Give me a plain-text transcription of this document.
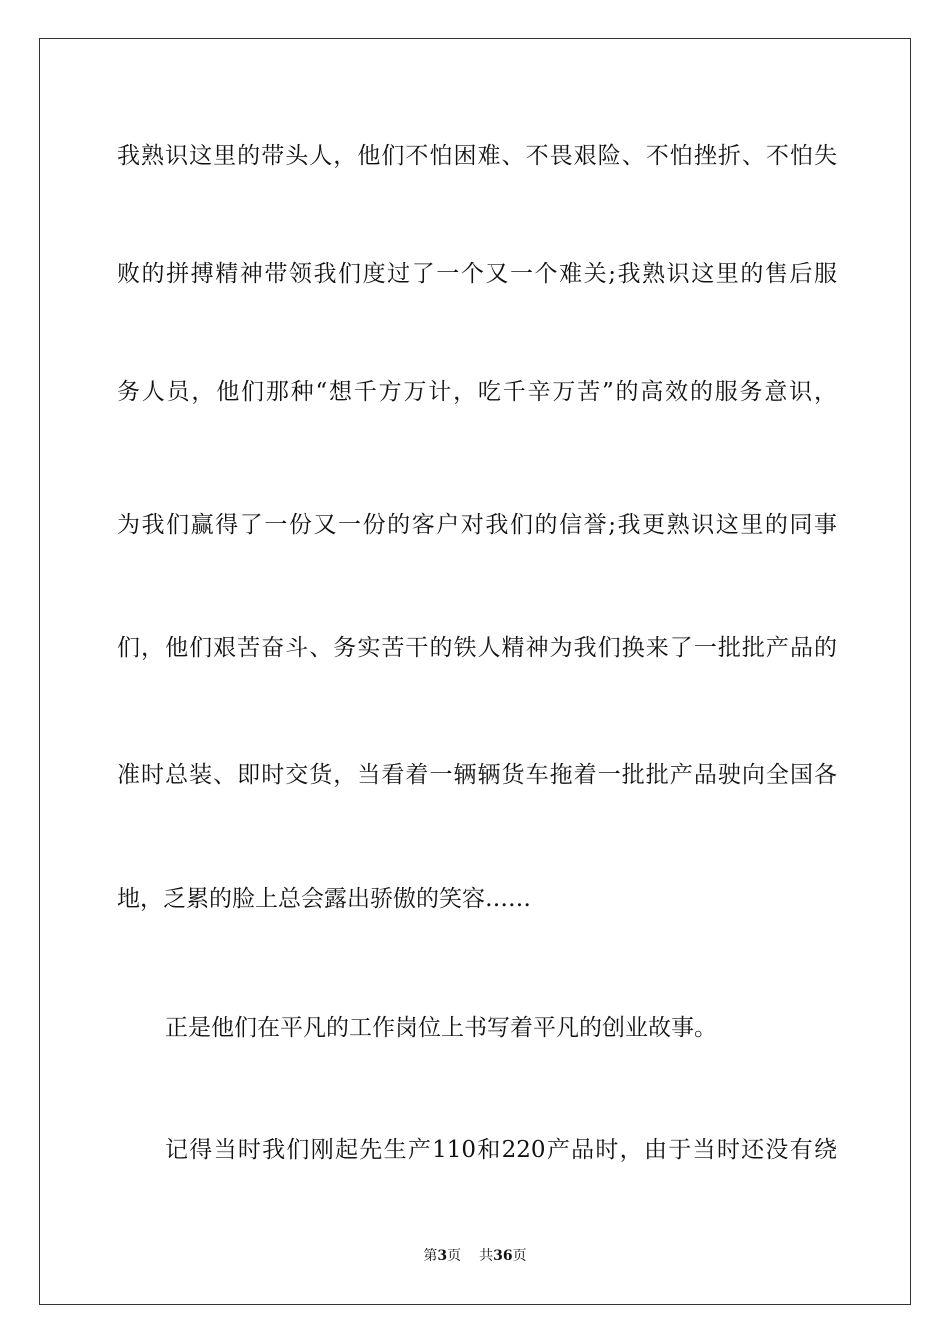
我熟识这里的带头人，他们不怕困难、不畏艰险、不怕挫折、不怕失
败的拼搏精神带领我们度过了一个又一个难关;我熟识这里的售后服
务人员，他们那种“想千方万计，吃千辛万苦”的高效的服务意识，
为我们赢得了一份又一份的客户对我们的信誉;我更熟识这里的同事
们，他们艰苦奋斗、务实苦干的铁人精神为我们换来了一批批产品的
准时总装、即时交货，当看着一辆辆货车拖着一批批产品驶向全国各
地，乏累的脸上总会露出骄傲的笑容……
正是他们在平凡的工作岗位上书写着平凡的创业故事。
记得当时我们刚起先生产110和220产品时，由于当时还没有绕
第3页 共36页
